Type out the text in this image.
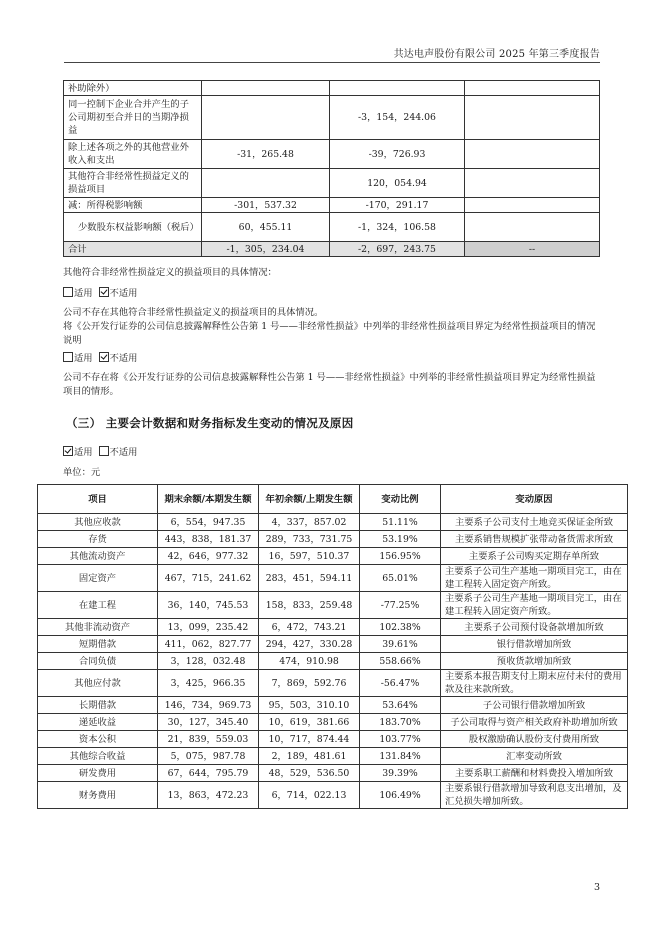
共达电声股份有限公司 2025 年第三季度报告
补助除外）			
同一控制下企业合并产生的子公司期初至合并日的当期净损益		-3，154，244.06	
除上述各项之外的其他营业外收入和支出	-31，265.48	-39，726.93	
其他符合非经常性损益定义的损益项目		120，054.94	
减：所得税影响额	-301，537.32	-170，291.17	
少数股东权益影响额（税后）	60，455.11	-1，324，106.58	
合计	-1，305，234.04	-2，697，243.75	--
其他符合非经常性损益定义的损益项目的具体情况：
适用 不适用
公司不存在其他符合非经常性损益定义的损益项目的具体情况。
将《公开发行证券的公司信息披露解释性公告第 1 号——非经常性损益》中列举的非经常性损益项目界定为经常性损益项目的情况说明
适用 不适用
公司不存在将《公开发行证券的公司信息披露解释性公告第 1 号——非经常性损益》中列举的非经常性损益项目界定为经常性损益项目的情形。
（三） 主要会计数据和财务指标发生变动的情况及原因
适用 不适用
单位：元
项目	期末余额/本期发生额	年初余额/上期发生额	变动比例	变动原因
其他应收款	6，554，947.35	4，337，857.02	51.11%	主要系子公司支付土地竞买保证金所致
存货	443，838，181.37	289，733，731.75	53.19%	主要系销售规模扩张带动备货需求所致
其他流动资产	42，646，977.32	16，597，510.37	156.95%	主要系子公司购买定期存单所致
固定资产	467，715，241.62	283，451，594.11	65.01%	主要系子公司生产基地一期项目完工，由在建工程转入固定资产所致。
在建工程	36，140，745.53	158，833，259.48	-77.25%	主要系子公司生产基地一期项目完工，由在建工程转入固定资产所致。
其他非流动资产	13，099，235.42	6，472，743.21	102.38%	主要系子公司预付设备款增加所致
短期借款	411，062，827.77	294，427，330.28	39.61%	银行借款增加所致
合同负债	3，128，032.48	474，910.98	558.66%	预收货款增加所致
其他应付款	3，425，966.35	7，869，592.76	-56.47%	主要系本报告期支付上期末应付未付的费用款及往来款所致。
长期借款	146，734，969.73	95，503，310.10	53.64%	子公司银行借款增加所致
递延收益	30，127，345.40	10，619，381.66	183.70%	子公司取得与资产相关政府补助增加所致
资本公积	21，839，559.03	10，717，874.44	103.77%	股权激励确认股份支付费用所致
其他综合收益	5，075，987.78	2，189，481.61	131.84%	汇率变动所致
研发费用	67，644，795.79	48，529，536.50	39.39%	主要系职工薪酬和材料费投入增加所致
财务费用	13，863，472.23	6，714，022.13	106.49%	主要系银行借款增加导致利息支出增加，及汇兑损失增加所致。
3
